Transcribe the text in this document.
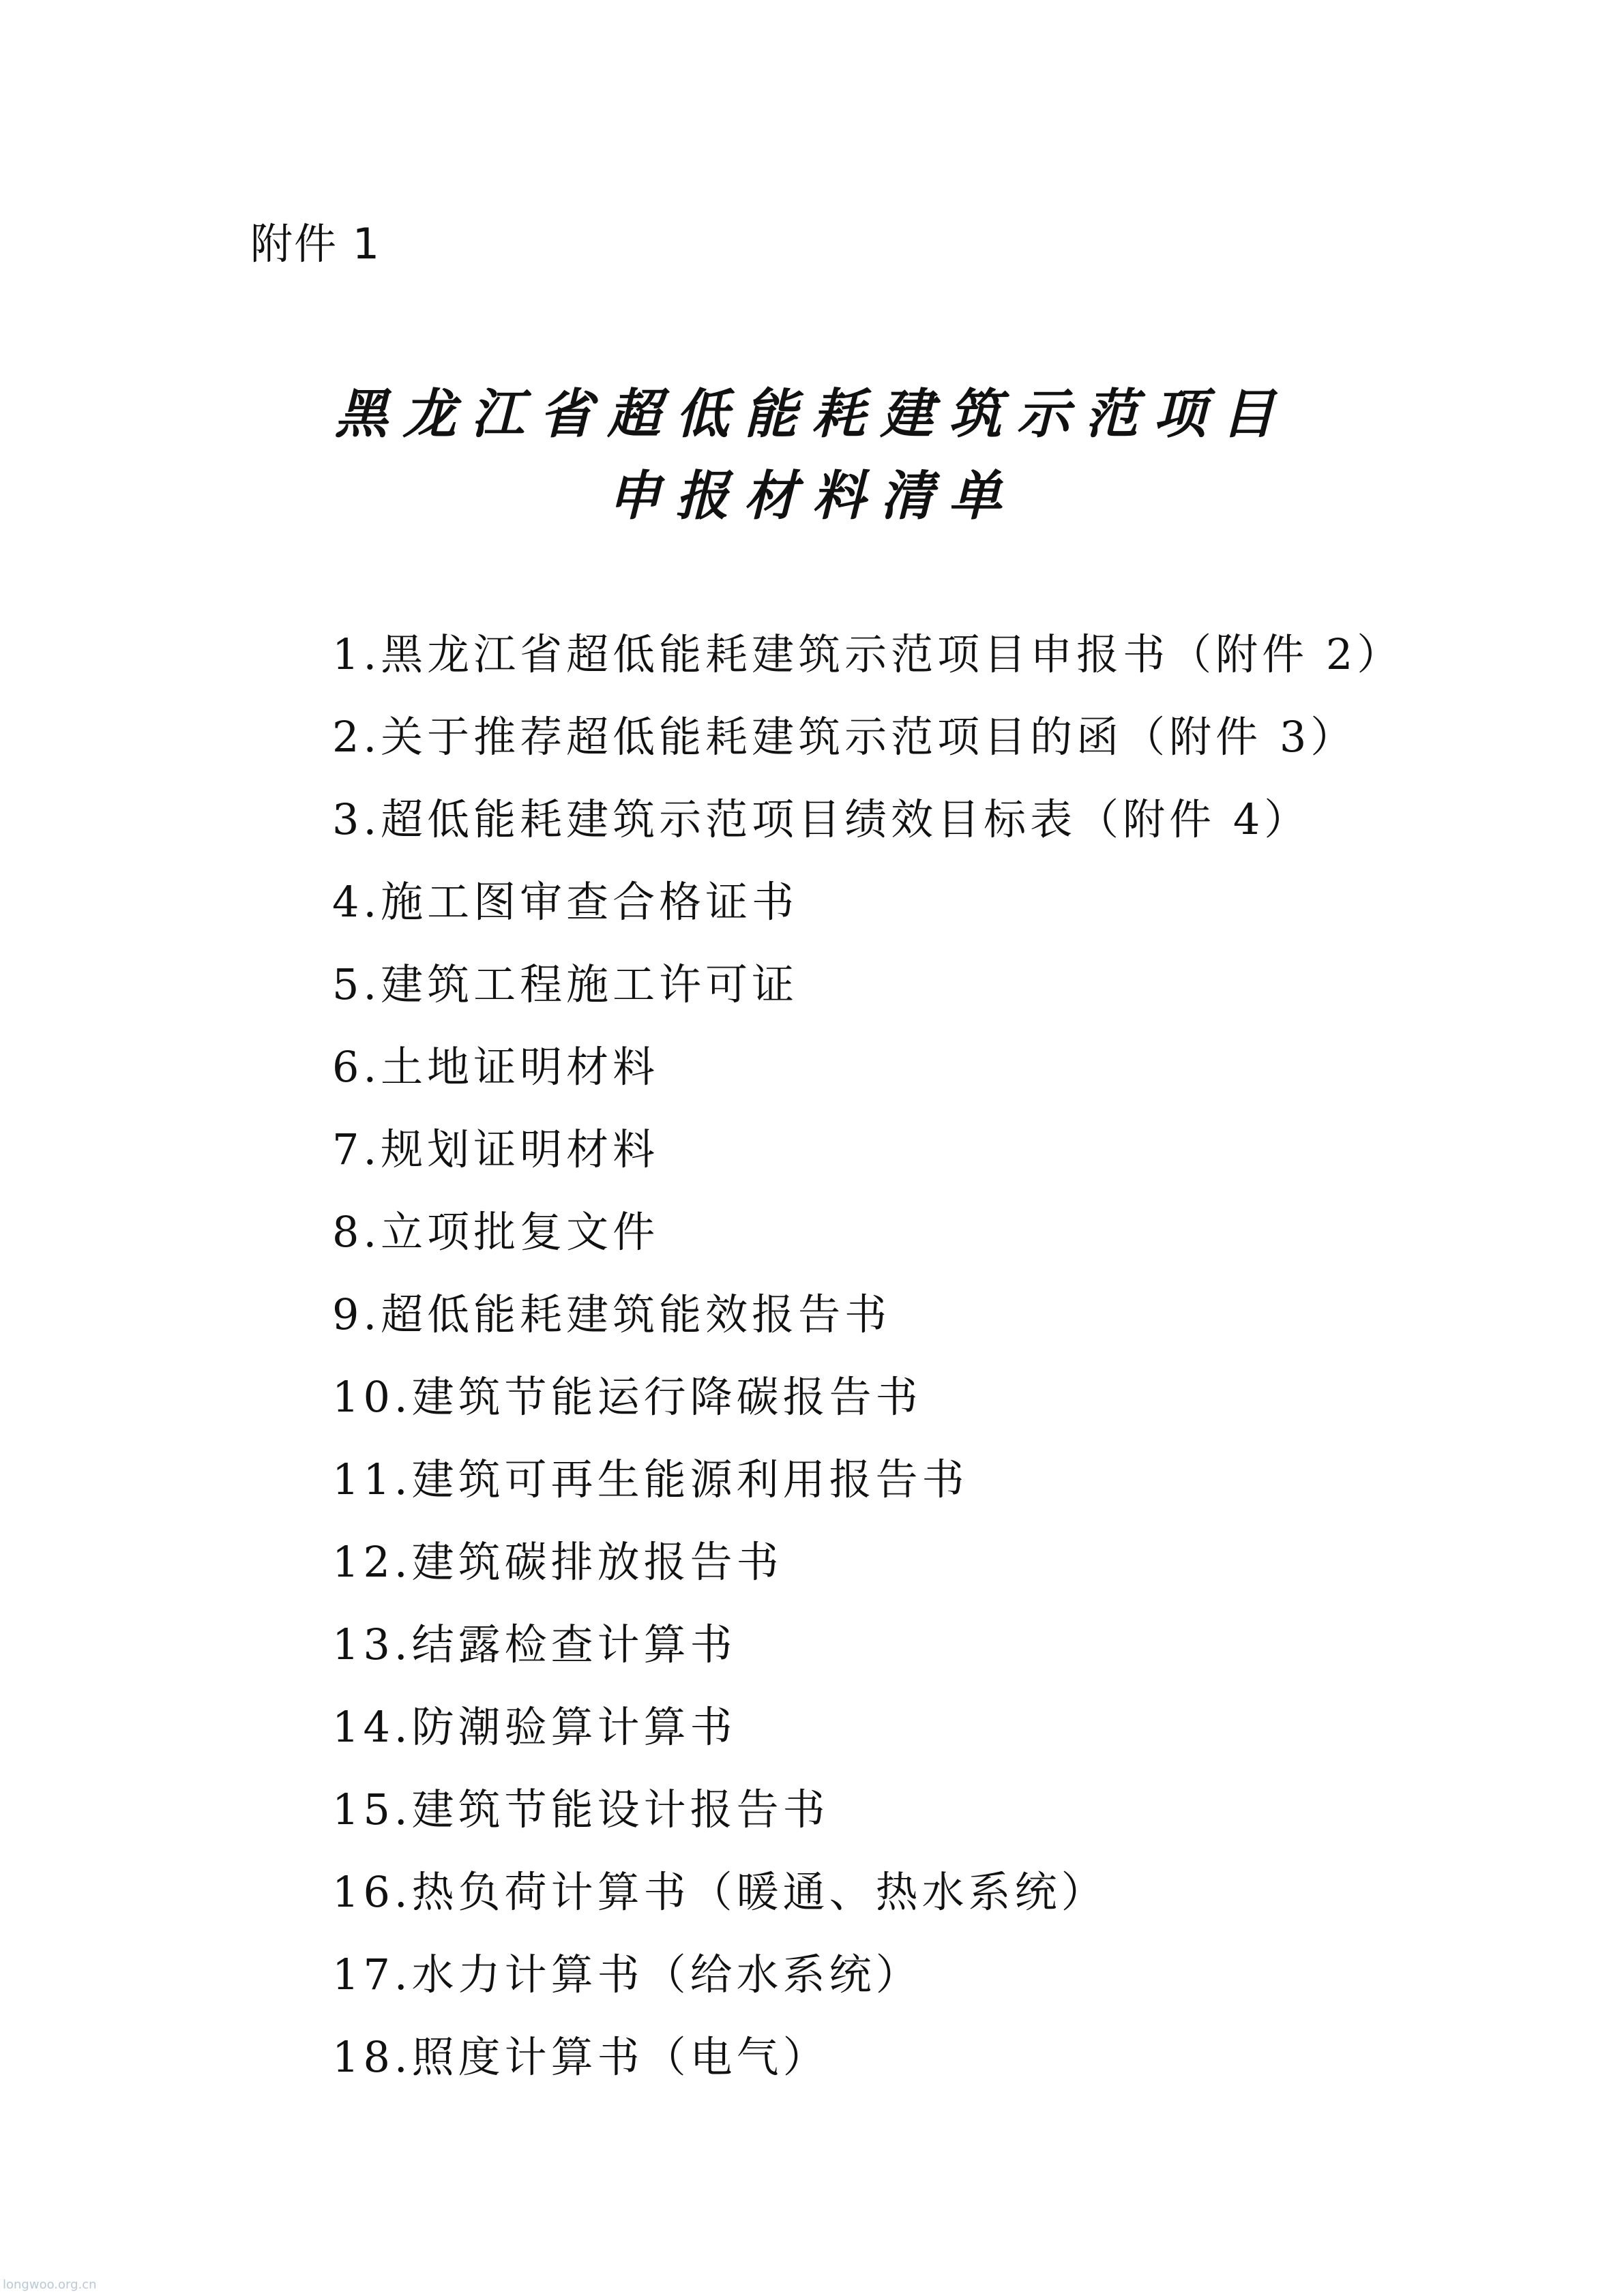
附件 1
黑龙江省超低能耗建筑示范项目
申报材料清单
1.黑龙江省超低能耗建筑示范项目申报书（附件 2）
2.关于推荐超低能耗建筑示范项目的函（附件 3）
3.超低能耗建筑示范项目绩效目标表（附件 4）
4.施工图审查合格证书
5.建筑工程施工许可证
6.土地证明材料
7.规划证明材料
8.立项批复文件
9.超低能耗建筑能效报告书
10.建筑节能运行降碳报告书
11.建筑可再生能源利用报告书
12.建筑碳排放报告书
13.结露检查计算书
14.防潮验算计算书
15.建筑节能设计报告书
16.热负荷计算书（暖通、热水系统）
17.水力计算书（给水系统）
18.照度计算书（电气）
longwoo.org.cn
